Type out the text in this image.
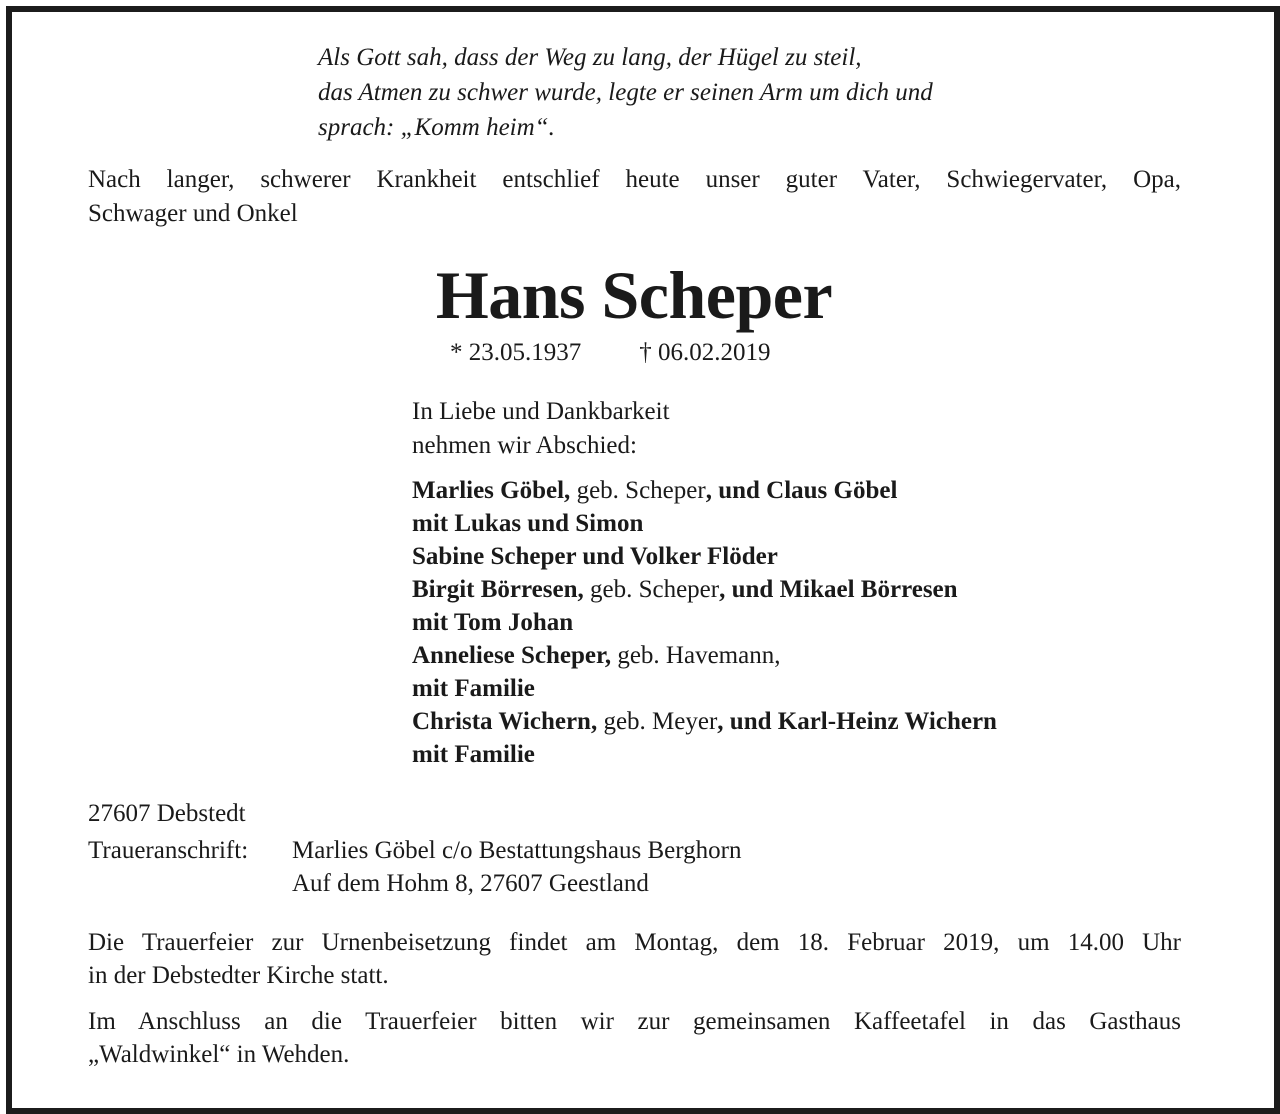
Als Gott sah, dass der Weg zu lang, der Hügel zu steil,
das Atmen zu schwer wurde, legte er seinen Arm um dich und
sprach: „Komm heim“.
Nach langer, schwerer Krankheit entschlief heute unser guter Vater, Schwiegervater, Opa,
Schwager und Onkel
Hans Scheper
* 23.05.1937 † 06.02.2019
In Liebe und Dankbarkeit
nehmen wir Abschied:
Marlies Göbel, geb. Scheper, und Claus Göbel
mit Lukas und Simon
Sabine Scheper und Volker Flöder
Birgit Börresen, geb. Scheper, und Mikael Börresen
mit Tom Johan
Anneliese Scheper, geb. Havemann,
mit Familie
Christa Wichern, geb. Meyer, und Karl-Heinz Wichern
mit Familie
27607 Debstedt
Traueranschrift: Marlies Göbel c/o Bestattungshaus Berghorn
Auf dem Hohm 8, 27607 Geestland
Die Trauerfeier zur Urnenbeisetzung findet am Montag, dem 18. Februar 2019, um 14.00 Uhr
in der Debstedter Kirche statt.
Im Anschluss an die Trauerfeier bitten wir zur gemeinsamen Kaffeetafel in das Gasthaus
„Waldwinkel“ in Wehden.
